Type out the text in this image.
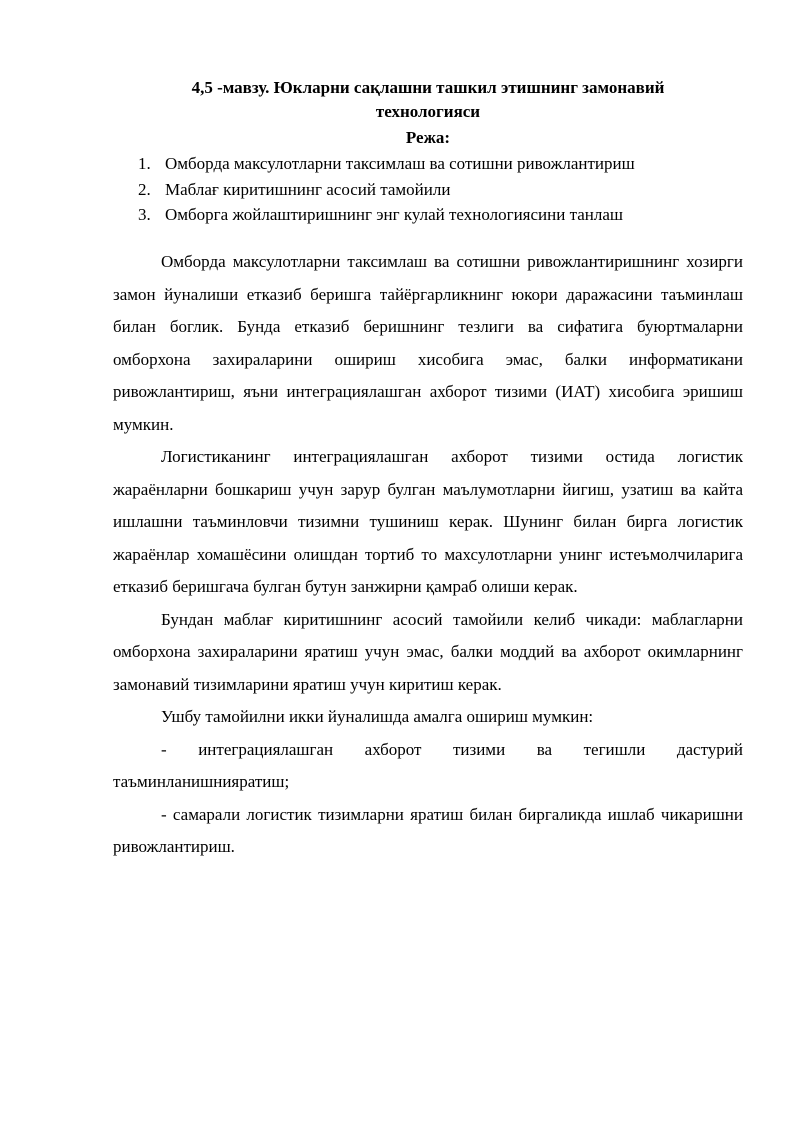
4,5 -мавзу. Юкларни сақлашни ташкил этишнинг замонавий
технологияси
Режа:
1. Омборда максулотларни таксимлаш ва сотишни ривожлантириш
2. Маблағ киритишнинг асосий тамойили
3. Омборга жойлаштиришнинг энг кулай технологиясини танлаш

Омборда максулотларни таксимлаш ва сотишни ривожлантиришнинг хозирги замон йуналиши етказиб беришга тайёргарликнинг юкори даражасини таъминлаш билан боглик. Бунда етказиб беришнинг тезлиги ва сифатига буюртмаларни омборхона захираларини ошириш хисобига эмас, балки информатикани ривожлантириш, яъни интеграциялашган ахборот тизими (ИАТ) хисобига эришиш мумкин.

Логистиканинг интеграциялашган ахборот тизими остида логистик жараёнларни бошкариш учун зарур булган маълумотларни йигиш, узатиш ва кайта ишлашни таъминловчи тизимни тушиниш керак. Шунинг билан бирга логистик жараёнлар хомашёсини олишдан тортиб то махсулотларни унинг истеъмолчиларига етказиб беришгача булган бутун занжирни қамраб олиши керак.

Бундан маблағ киритишнинг асосий тамойили келиб чикади: маблагларни омборхона захираларини яратиш учун эмас, балки моддий ва ахборот окимларнинг замонавий тизимларини яратиш учун киритиш керак.

Ушбу тамойилни икки йуналишда амалга ошириш мумкин:

- интеграциялашган ахборот тизими ва тегишли дастурий таъминланишнияратиш;

- самарали логистик тизимларни яратиш билан биргаликда ишлаб чикаришни ривожлантириш.
